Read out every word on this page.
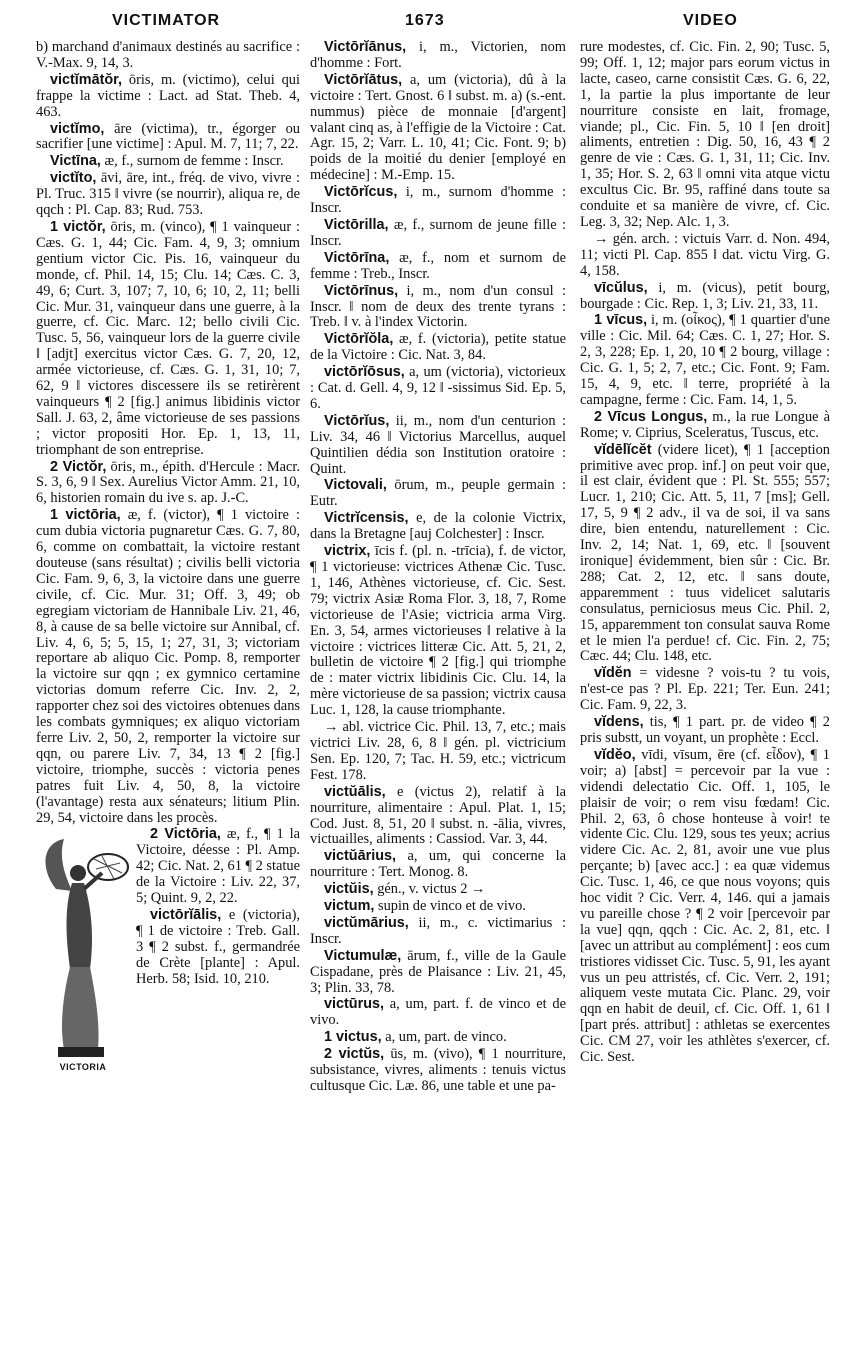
VICTIMATOR	1673	VIDEO
b) marchand d'animaux destinés au sacrifice : V.-Max. 9, 14, 3.
victĭmātŏr, ōris, m. (victimo), celui qui frappe la victime : Lact. ad Stat. Theb. 4, 463.
victĭmo, āre (victima), tr., égorger ou sacrifier [une victime] : Apul. M. 7, 11; 7, 22.
Victīna, æ, f., surnom de femme : Inscr.
victĭto, āvi, āre, int., fréq. de vivo, vivre : Pl. Truc. 315 ‖ vivre (se nourrir), aliqua re, de qqch : Pl. Cap. 83; Rud. 753.
1 victŏr, ōris, m. (vinco), ¶ 1 vainqueur : Cæs. G. 1, 44; Cic. Fam. 4, 9, 3; omnium gentium victor Cic. Pis. 16, vainqueur du monde, cf. Phil. 14, 15; Clu. 14; Cæs. C. 3, 49, 6; Curt. 3, 107; 7, 10, 6; 10, 2, 11; belli Cic. Mur. 31, vainqueur dans une guerre, à la guerre, cf. Cic. Marc. 12; bello civili Cic. Tusc. 5, 56, vainqueur lors de la guerre civile ‖ [adjt] exercitus victor Cæs. G. 7, 20, 12, armée victorieuse, cf. Cæs. G. 1, 31, 10; 7, 62, 9 ‖ victores discessere ils se retirèrent vainqueurs ¶ 2 [fig.] animus libidinis victor Sall. J. 63, 2, âme victorieuse de ses passions ; victor propositi Hor. Ep. 1, 13, 11, triomphant de son entreprise.
2 Victŏr, ōris, m., épith. d'Hercule : Macr. S. 3, 6, 9 ‖ Sex. Aurelius Victor Amm. 21, 10, 6, historien romain du ive s. ap. J.-C.
1 victōria, æ, f. (victor), ¶ 1 victoire : cum dubia victoria pugnaretur Cæs. G. 7, 80, 6, comme on combattait, la victoire restant douteuse (sans résultat) ; civilis belli victoria Cic. Fam. 9, 6, 3, la victoire dans une guerre civile, cf. Cic. Mur. 31; Off. 3, 49; ob egregiam victoriam de Hannibale Liv. 21, 46, 8, à cause de sa belle victoire sur Annibal, cf. Liv. 4, 6, 5; 5, 15, 1; 27, 31, 3; victoriam reportare ab aliquo Cic. Pomp. 8, remporter la victoire sur qqn ; ex gymnico certamine victorias domum referre Cic. Inv. 2, 2, rapporter chez soi des victoires obtenues dans les combats gymniques; ex aliquo victoriam ferre Liv. 2, 50, 2, remporter la victoire sur qqn, ou parere Liv. 7, 34, 13 ¶ 2 [fig.] victoire, triomphe, succès : victoria penes patres fuit Liv. 4, 50, 8, la victoire (l'avantage) resta aux sénateurs; litium Plin. 29, 54, victoire dans les procès.
VICTORIA
2 Victōria, æ, f., ¶ 1 la Victoire, déesse : Pl. Amp. 42; Cic. Nat. 2, 61 ¶ 2 statue de la Victoire : Liv. 22, 37, 5; Quint. 9, 2, 22.
victōrĭālis, e (victoria), ¶ 1 de victoire : Treb. Gall. 3 ¶ 2 subst. f., germandrée de Crète [plante] : Apul. Herb. 58; Isid. 10, 210.
Victōrĭānus, i, m., Victorien, nom d'homme : Fort.
Victōrĭātus, a, um (victoria), dû à la victoire : Tert. Gnost. 6 ‖ subst. m. a) (s.-ent. nummus) pièce de monnaie [d'argent] valant cinq as, à l'effigie de la Victoire : Cat. Agr. 15, 2; Varr. L. 10, 41; Cic. Font. 9; b) poids de la moitié du denier [employé en médecine] : M.-Emp. 15.
Victōrĭcus, i, m., surnom d'homme : Inscr.
Victōrilla, æ, f., surnom de jeune fille : Inscr.
Victōrīna, æ, f., nom et surnom de femme : Treb., Inscr.
Victōrīnus, i, m., nom d'un consul : Inscr. ‖ nom de deux des trente tyrans : Treb. ‖ v. à l'index Victorin.
Victōrĭŏla, æ, f. (victoria), petite statue de la Victoire : Cic. Nat. 3, 84.
victōrĭōsus, a, um (victoria), victorieux : Cat. d. Gell. 4, 9, 12 ‖ -sissimus Sid. Ep. 5, 6.
Victōrĭus, ii, m., nom d'un centurion : Liv. 34, 46 ‖ Victorius Marcellus, auquel Quintilien dédia son Institution oratoire : Quint.
Victovali, ōrum, m., peuple germain : Eutr.
Victrĭcensis, e, de la colonie Victrix, dans la Bretagne [auj Colchester] : Inscr.
victrix, īcis f. (pl. n. -trīcia), f. de victor, ¶ 1 victorieuse: victrices Athenæ Cic. Tusc. 1, 146, Athènes victorieuse, cf. Cic. Sest. 79; victrix Asiæ Roma Flor. 3, 18, 7, Rome victorieuse de l'Asie; victricia arma Virg. En. 3, 54, armes victorieuses ‖ relative à la victoire : victrices litteræ Cic. Att. 5, 21, 2, bulletin de victoire ¶ 2 [fig.] qui triomphe de : mater victrix libidinis Cic. Clu. 14, la mère victorieuse de sa passion; victrix causa Luc. 1, 128, la cause triomphante.
→ abl. victrice Cic. Phil. 13, 7, etc.; mais victrici Liv. 28, 6, 8 ‖ gén. pl. victricium Sen. Ep. 120, 7; Tac. H. 59, etc.; victricum Fest. 178.
victŭālis, e (victus 2), relatif à la nourriture, alimentaire : Apul. Plat. 1, 15; Cod. Just. 8, 51, 20 ‖ subst. n. -ālia, vivres, victuailles, aliments : Cassiod. Var. 3, 44.
victŭārius, a, um, qui concerne la nourriture : Tert. Monog. 8.
victŭis, gén., v. victus 2 →
victum, supin de vinco et de vivo.
victŭmārius, ii, m., c. victimarius : Inscr.
Victumulæ, ārum, f., ville de la Gaule Cispadane, près de Plaisance : Liv. 21, 45, 3; Plin. 33, 78.
victūrus, a, um, part. f. de vinco et de vivo.
1 victus, a, um, part. de vinco.
2 victŭs, ūs, m. (vivo), ¶ 1 nourriture, subsistance, vivres, aliments : tenuis victus cultusque Cic. Læ. 86, une table et une pa-
rure modestes, cf. Cic. Fin. 2, 90; Tusc. 5, 99; Off. 1, 12; major pars eorum victus in lacte, caseo, carne consistit Cæs. G. 6, 22, 1, la partie la plus importante de leur nourriture consiste en lait, fromage, viande; pl., Cic. Fin. 5, 10 ‖ [en droit] aliments, entretien : Dig. 50, 16, 43 ¶ 2 genre de vie : Cæs. G. 1, 31, 11; Cic. Inv. 1, 35; Hor. S. 2, 63 ‖ omni vita atque victu excultus Cic. Br. 95, raffiné dans toute sa conduite et sa manière de vivre, cf. Cic. Leg. 3, 32; Nep. Alc. 1, 3.
→ gén. arch. : victuis Varr. d. Non. 494, 11; victi Pl. Cap. 855 ‖ dat. victu Virg. G. 4, 158.
vīcŭlus, i, m. (vicus), petit bourg, bourgade : Cic. Rep. 1, 3; Liv. 21, 33, 11.
1 vīcus, i, m. (οἶκος), ¶ 1 quartier d'une ville : Cic. Mil. 64; Cæs. C. 1, 27; Hor. S. 2, 3, 228; Ep. 1, 20, 10 ¶ 2 bourg, village : Cic. G. 1, 5; 2, 7, etc.; Cic. Font. 9; Fam. 15, 4, 9, etc. ‖ terre, propriété à la campagne, ferme : Cic. Fam. 14, 1, 5.
2 Vīcus Longus, m., la rue Longue à Rome; v. Ciprius, Sceleratus, Tuscus, etc.
vĭdēlĭcĕt (videre licet), ¶ 1 [acception primitive avec prop. inf.] on peut voir que, il est clair, évident que : Pl. St. 555; 557; Lucr. 1, 210; Cic. Att. 5, 11, 7 [ms]; Gell. 17, 5, 9 ¶ 2 adv., il va de soi, il va sans dire, bien entendu, naturellement : Cic. Inv. 2, 14; Nat. 1, 69, etc. ‖ [souvent ironique] évidemment, bien sûr : Cic. Br. 288; Cat. 2, 12, etc. ‖ sans doute, apparemment : tuus videlicet salutaris consulatus, perniciosus meus Cic. Phil. 2, 15, apparemment ton consulat sauva Rome et le mien l'a perdue! cf. Cic. Fin. 2, 75; Cæc. 44; Clu. 148, etc.
vĭdĕn = videsne ? vois-tu ? tu vois, n'est-ce pas ? Pl. Ep. 221; Ter. Eun. 241; Cic. Fam. 9, 22, 3.
vĭdens, tis, ¶ 1 part. pr. de video ¶ 2 pris substt, un voyant, un prophète : Eccl.
vĭdĕo, vīdi, vīsum, ēre (cf. εἶδον), ¶ 1 voir; a) [abst] = percevoir par la vue : videndi delectatio Cic. Off. 1, 105, le plaisir de voir; o rem visu fœdam! Cic. Phil. 2, 63, ô chose honteuse à voir! te vidente Cic. Clu. 129, sous tes yeux; acrius videre Cic. Ac. 2, 81, avoir une vue plus perçante; b) [avec acc.] : ea quæ videmus Cic. Tusc. 1, 46, ce que nous voyons; quis hoc vidit ? Cic. Verr. 4, 146. qui a jamais vu pareille chose ? ¶ 2 voir [percevoir par la vue] qqn, qqch : Cic. Ac. 2, 81, etc. ‖ [avec un attribut au complément] : eos cum tristiores vidisset Cic. Tusc. 5, 91, les ayant vus un peu attristés, cf. Cic. Verr. 2, 191; aliquem veste mutata Cic. Planc. 29, voir qqn en habit de deuil, cf. Cic. Off. 1, 61 ‖ [part prés. attribut] : athletas se exercentes Cic. CM 27, voir les athlètes s'exercer, cf. Cic. Sest.
